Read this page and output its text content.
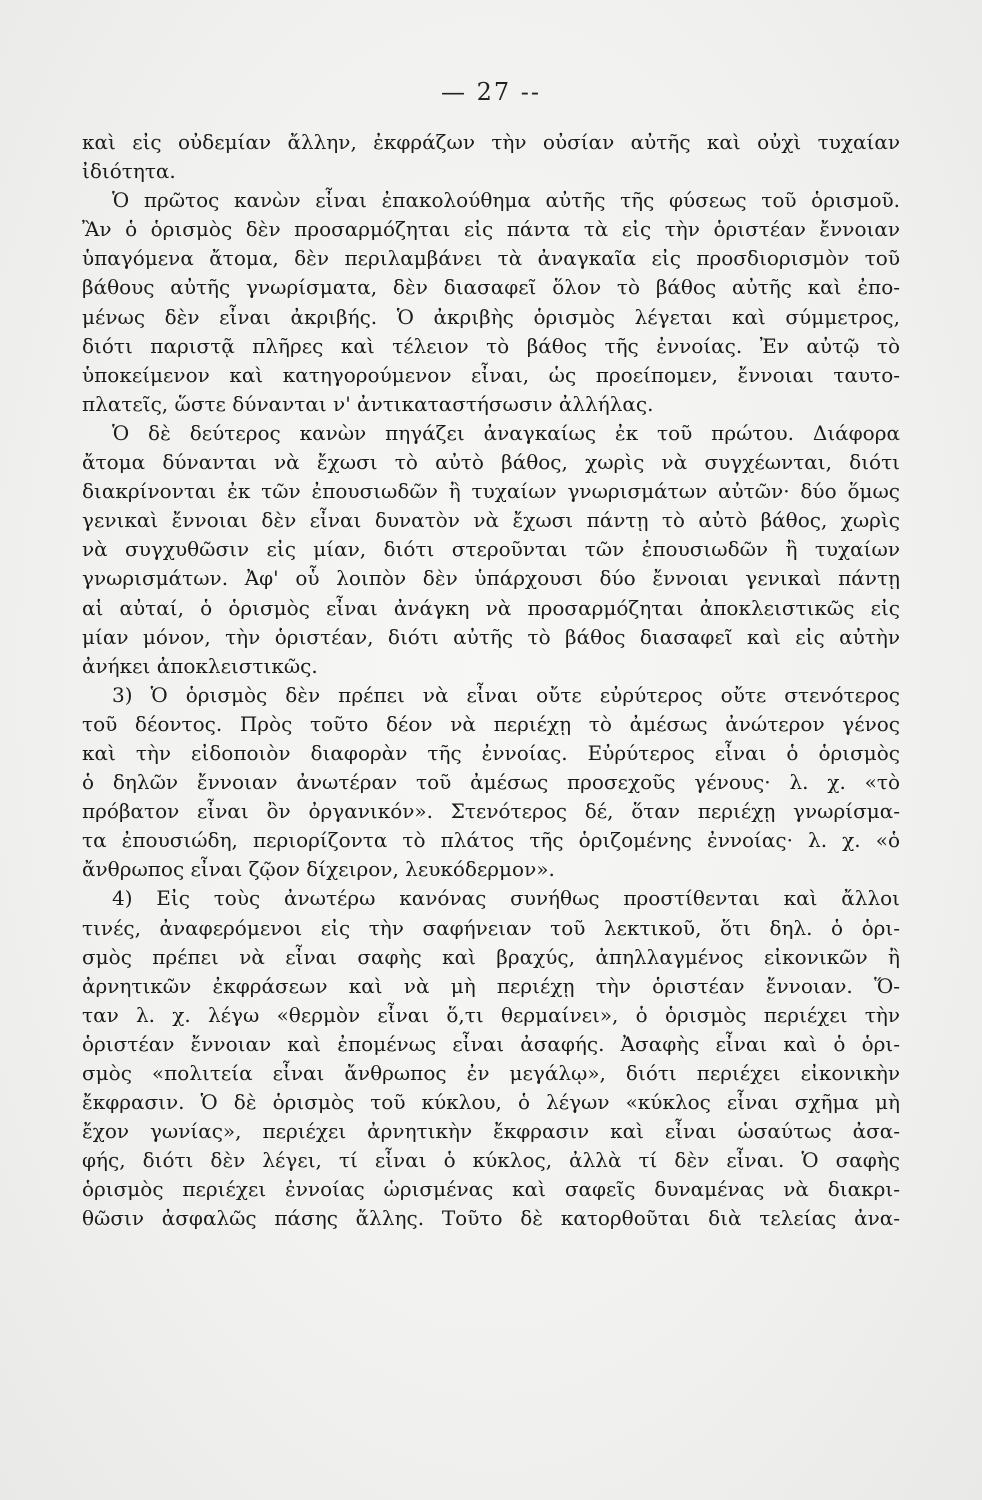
— 27 --
καὶ εἰς οὐδεμίαν ἄλλην, ἐκφράζων τὴν οὐσίαν αὐτῆς καὶ οὐχὶ τυχαίαν
ἰδιότητα.
Ὁ πρῶτος κανὼν εἶναι ἐπακολούθημα αὐτῆς τῆς φύσεως τοῦ ὁρισμοῦ.
Ἂν ὁ ὁρισμὸς δὲν προσαρμόζηται εἰς πάντα τὰ εἰς τὴν ὁριστέαν ἔννοιαν
ὑπαγόμενα ἄτομα, δὲν περιλαμβάνει τὰ ἀναγκαῖα εἰς προσδιορισμὸν τοῦ
βάθους αὐτῆς γνωρίσματα, δὲν διασαφεῖ ὅλον τὸ βάθος αὐτῆς καὶ ἐπο-
μένως δὲν εἶναι ἀκριβής. Ὁ ἀκριβὴς ὁρισμὸς λέγεται καὶ σύμμετρος,
διότι παριστᾷ πλῆρες καὶ τέλειον τὸ βάθος τῆς ἐννοίας. Ἐν αὐτῷ τὸ
ὑποκείμενον καὶ κατηγορούμενον εἶναι, ὡς προείπομεν, ἔννοιαι ταυτο-
πλατεῖς, ὥστε δύνανται ν' ἀντικαταστήσωσιν ἀλλήλας.
Ὁ δὲ δεύτερος κανὼν πηγάζει ἀναγκαίως ἐκ τοῦ πρώτου. Διάφορα
ἄτομα δύνανται νὰ ἔχωσι τὸ αὐτὸ βάθος, χωρὶς νὰ συγχέωνται, διότι
διακρίνονται ἐκ τῶν ἐπουσιωδῶν ἢ τυχαίων γνωρισμάτων αὐτῶν· δύο ὅμως
γενικαὶ ἔννοιαι δὲν εἶναι δυνατὸν νὰ ἔχωσι πάντῃ τὸ αὐτὸ βάθος, χωρὶς
νὰ συγχυθῶσιν εἰς μίαν, διότι στεροῦνται τῶν ἐπουσιωδῶν ἢ τυχαίων
γνωρισμάτων. Ἀφ' οὗ λοιπὸν δὲν ὑπάρχουσι δύο ἔννοιαι γενικαὶ πάντῃ
αἱ αὐταί, ὁ ὁρισμὸς εἶναι ἀνάγκη νὰ προσαρμόζηται ἀποκλειστικῶς εἰς
μίαν μόνον, τὴν ὁριστέαν, διότι αὐτῆς τὸ βάθος διασαφεῖ καὶ εἰς αὐτὴν
ἀνήκει ἀποκλειστικῶς.
3) Ὁ ὁρισμὸς δὲν πρέπει νὰ εἶναι οὔτε εὐρύτερος οὔτε στενότερος
τοῦ δέοντος. Πρὸς τοῦτο δέον νὰ περιέχῃ τὸ ἀμέσως ἀνώτερον γένος
καὶ τὴν εἰδοποιὸν διαφορὰν τῆς ἐννοίας. Εὐρύτερος εἶναι ὁ ὁρισμὸς
ὁ δηλῶν ἔννοιαν ἀνωτέραν τοῦ ἀμέσως προσεχοῦς γένους· λ. χ. «τὸ
πρόβατον εἶναι ὂν ὀργανικόν». Στενότερος δέ, ὅταν περιέχῃ γνωρίσμα-
τα ἐπουσιώδη, περιορίζοντα τὸ πλάτος τῆς ὁριζομένης ἐννοίας· λ. χ. «ὁ
ἄνθρωπος εἶναι ζῷον δίχειρον, λευκόδερμον».
4) Εἰς τοὺς ἀνωτέρω κανόνας συνήθως προστίθενται καὶ ἄλλοι
τινές, ἀναφερόμενοι εἰς τὴν σαφήνειαν τοῦ λεκτικοῦ, ὅτι δηλ. ὁ ὁρι-
σμὸς πρέπει νὰ εἶναι σαφὴς καὶ βραχύς, ἀπηλλαγμένος εἰκονικῶν ἢ
ἀρνητικῶν ἐκφράσεων καὶ νὰ μὴ περιέχῃ τὴν ὁριστέαν ἔννοιαν. Ὅ-
ταν λ. χ. λέγω «θερμὸν εἶναι ὅ,τι θερμαίνει», ὁ ὁρισμὸς περιέχει τὴν
ὁριστέαν ἔννοιαν καὶ ἐπομένως εἶναι ἀσαφής. Ἀσαφὴς εἶναι καὶ ὁ ὁρι-
σμὸς «πολιτεία εἶναι ἄνθρωπος ἐν μεγάλῳ», διότι περιέχει εἰκονικὴν
ἔκφρασιν. Ὁ δὲ ὁρισμὸς τοῦ κύκλου, ὁ λέγων «κύκλος εἶναι σχῆμα μὴ
ἔχον γωνίας», περιέχει ἀρνητικὴν ἔκφρασιν καὶ εἶναι ὡσαύτως ἀσα-
φής, διότι δὲν λέγει, τί εἶναι ὁ κύκλος, ἀλλὰ τί δὲν εἶναι. Ὁ σαφὴς
ὁρισμὸς περιέχει ἐννοίας ὡρισμένας καὶ σαφεῖς δυναμένας νὰ διακρι-
θῶσιν ἀσφαλῶς πάσης ἄλλης. Τοῦτο δὲ κατορθοῦται διὰ τελείας ἀνα-
